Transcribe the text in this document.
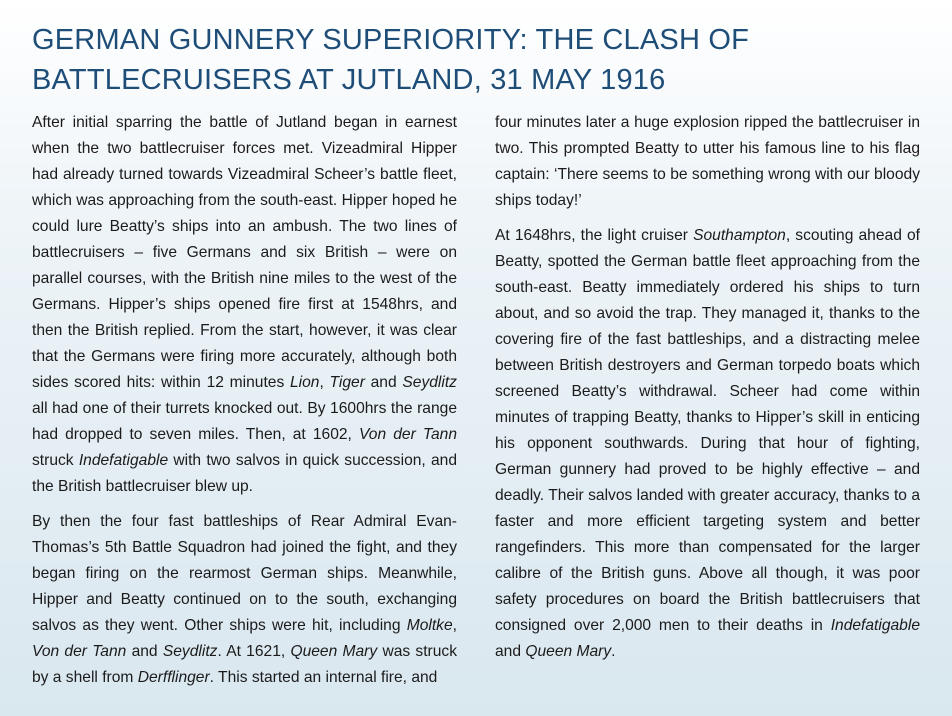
GERMAN GUNNERY SUPERIORITY: THE CLASH OF BATTLECRUISERS AT JUTLAND, 31 MAY 1916

After initial sparring the battle of Jutland began in earnest when the two battlecruiser forces met. Vizeadmiral Hipper had already turned towards Vizeadmiral Scheer’s battle fleet, which was approaching from the south-east. Hipper hoped he could lure Beatty’s ships into an ambush. The two lines of battlecruisers – five Germans and six British – were on parallel courses, with the British nine miles to the west of the Germans. Hipper’s ships opened fire first at 1548hrs, and then the British replied. From the start, however, it was clear that the Germans were firing more accurately, although both sides scored hits: within 12 minutes Lion, Tiger and Seydlitz all had one of their turrets knocked out. By 1600hrs the range had dropped to seven miles. Then, at 1602, Von der Tann struck Indefatigable with two salvos in quick succession, and the British battlecruiser blew up.

By then the four fast battleships of Rear Admiral Evan-Thomas’s 5th Battle Squadron had joined the fight, and they began firing on the rearmost German ships. Meanwhile, Hipper and Beatty continued on to the south, exchanging salvos as they went. Other ships were hit, including Moltke, Von der Tann and Seydlitz. At 1621, Queen Mary was struck by a shell from Derfflinger. This started an internal fire, and

four minutes later a huge explosion ripped the battlecruiser in two. This prompted Beatty to utter his famous line to his flag captain: ‘There seems to be something wrong with our bloody ships today!’

At 1648hrs, the light cruiser Southampton, scouting ahead of Beatty, spotted the German battle fleet approaching from the south-east. Beatty immediately ordered his ships to turn about, and so avoid the trap. They managed it, thanks to the covering fire of the fast battleships, and a distracting melee between British destroyers and German torpedo boats which screened Beatty’s withdrawal. Scheer had come within minutes of trapping Beatty, thanks to Hipper’s skill in enticing his opponent southwards. During that hour of fighting, German gunnery had proved to be highly effective – and deadly. Their salvos landed with greater accuracy, thanks to a faster and more efficient targeting system and better rangefinders. This more than compensated for the larger calibre of the British guns. Above all though, it was poor safety procedures on board the British battlecruisers that consigned over 2,000 men to their deaths in Indefatigable and Queen Mary.
